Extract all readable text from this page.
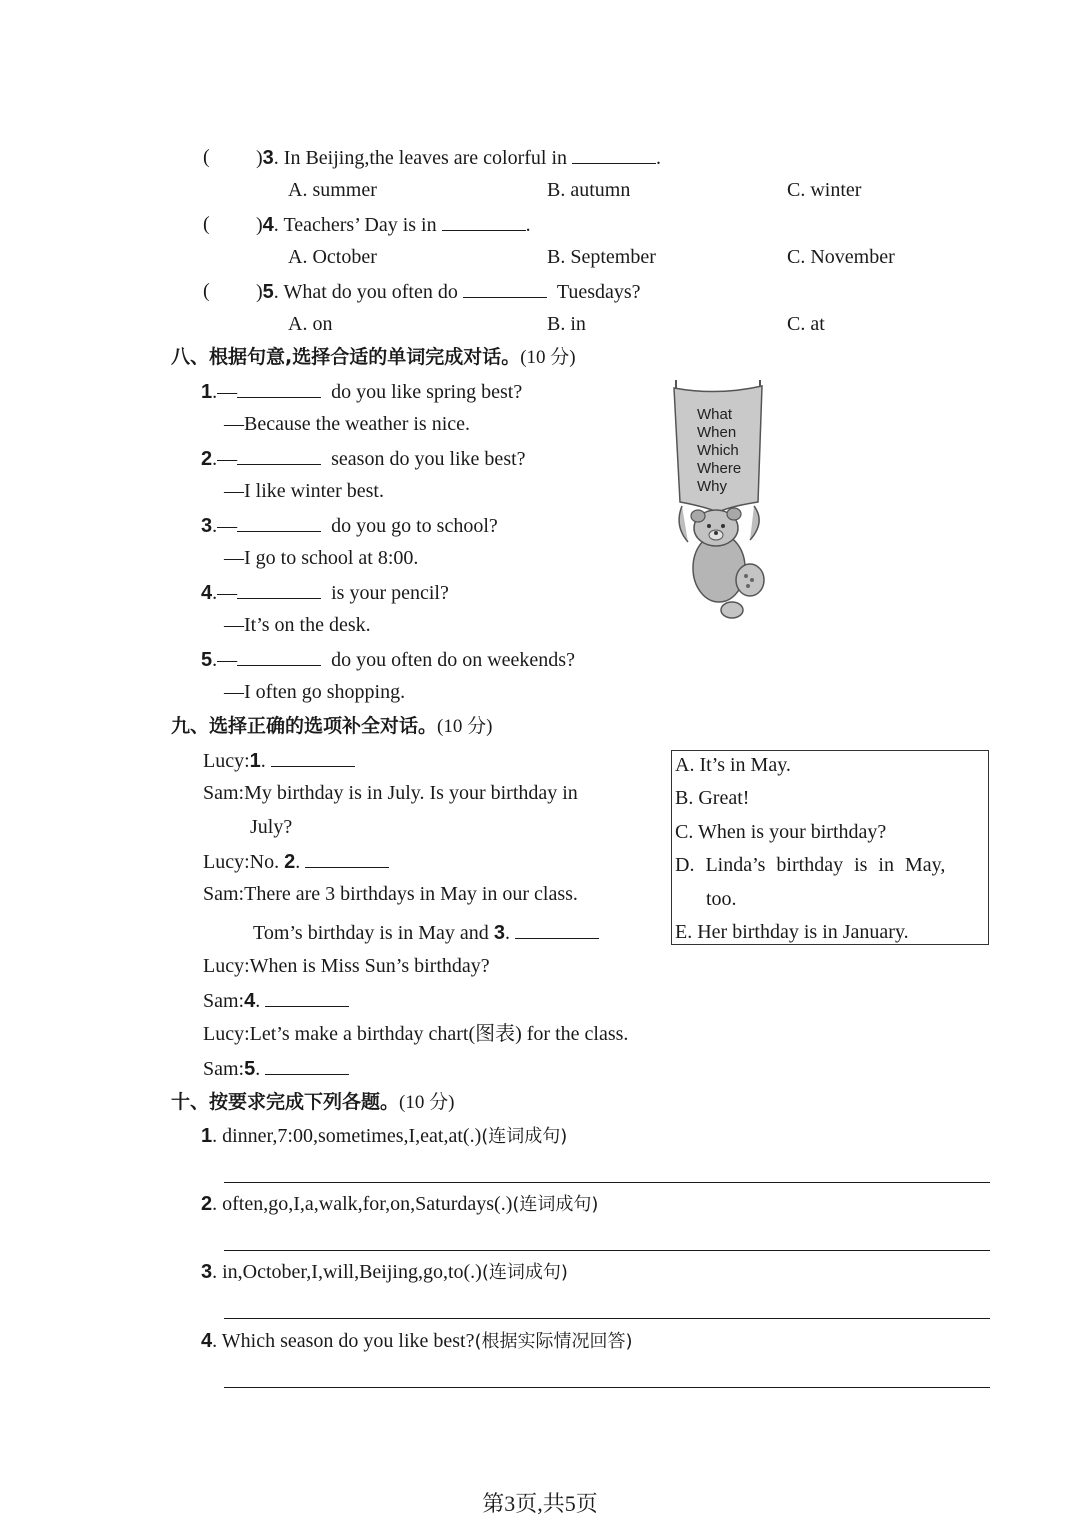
( )3. In Beijing,the leaves are colorful in	.
A. summer	B. autumn	C. winter
( )4. Teachers’ Day is in	.
A. October	B. September	C. November
( )5. What do you often do	Tuesdays?
A. on	B. in	C. at
八、根据句意,选择合适的单词完成对话。(10 分)
1.—	do you like spring best?
—Because the weather is nice.
2.—	season do you like best?
—I like winter best.
3.—	do you go to school?
—I go to school at 8:00.
4.—	is your pencil?
—It’s on the desk.
5.—	do you often do on weekends?
—I often go shopping.
What
When
Which
Where
Why
九、选择正确的选项补全对话。(10 分)
Lucy:1.
Sam:My birthday is in July. Is your birthday in
July?
Lucy:No. 2.
Sam:There are 3 birthdays in May in our class.
Tom’s birthday is in May and 3.
Lucy:When is Miss Sun’s birthday?
Sam:4.
Lucy:Let’s make a birthday chart(图表) for the class.
Sam:5.
A. It’s in May.
B. Great!
C. When is your birthday?
D. Linda’s birthday is in May,
too.
E. Her birthday is in January.
十、按要求完成下列各题。(10 分)
1. dinner,7:00,sometimes,I,eat,at(.)(连词成句)
2. often,go,I,a,walk,for,on,Saturdays(.)(连词成句)
3. in,October,I,will,Beijing,go,to(.)(连词成句)
4. Which season do you like best?(根据实际情况回答)
第3页,共5页
